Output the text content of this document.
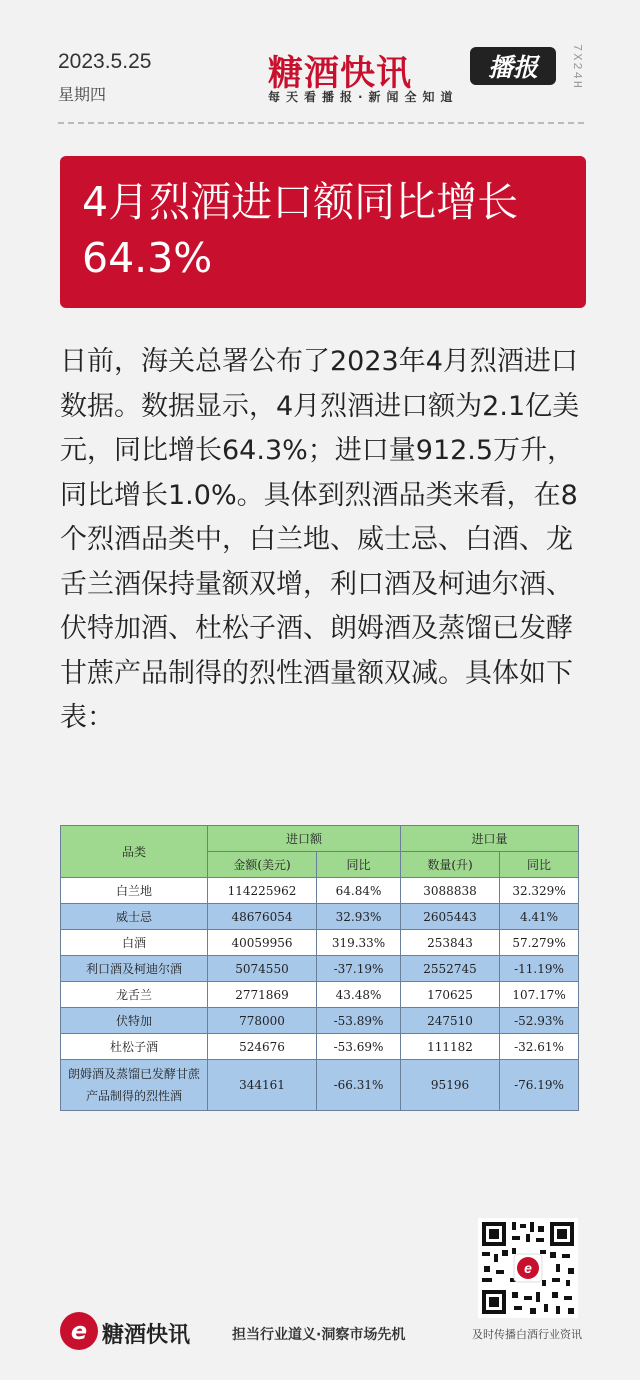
2023.5.25
星期四
糖酒快讯	播报
每天看播报·新闻全知道
7X24H

4月烈酒进口额同比增长64.3%

日前，海关总署公布了2023年4月烈酒进口数据。数据显示，4月烈酒进口额为2.1亿美元，同比增长64.3%；进口量912.5万升，同比增长1.0%。具体到烈酒品类来看，在8个烈酒品类中，白兰地、威士忌、白酒、龙舌兰酒保持量额双增，利口酒及柯迪尔酒、伏特加酒、杜松子酒、朗姆酒及蒸馏已发酵甘蔗产品制得的烈性酒量额双减。具体如下表：

品类	进口额		进口量	
	金额(美元)	同比	数量(升)	同比
白兰地	114225962	64.84%	3088838	32.329%
威士忌	48676054	32.93%	2605443	4.41%
白酒	40059956	319.33%	253843	57.279%
利口酒及柯迪尔酒	5074550	-37.19%	2552745	-11.19%
龙舌兰	2771869	43.48%	170625	107.17%
伏特加	778000	-53.89%	247510	-52.93%
杜松子酒	524676	-53.69%	111182	-32.61%
朗姆酒及蒸馏已发酵甘蔗产品制得的烈性酒	344161	-66.31%	95196	-76.19%
e
及时传播白酒行业资讯
e 糖酒快讯	担当行业道义·洞察市场先机
